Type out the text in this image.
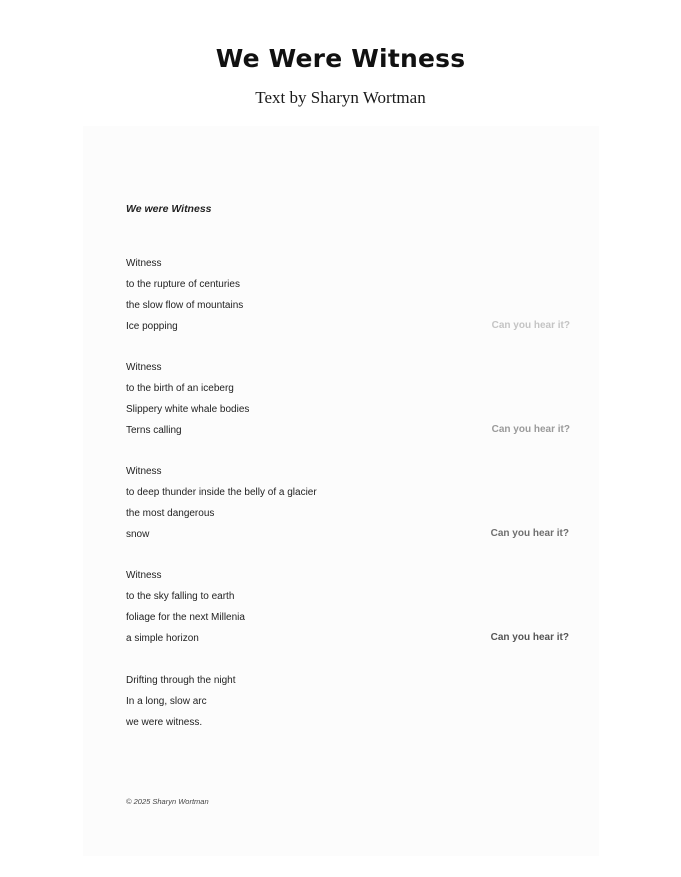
We Were Witness

Text by Sharyn Wortman

We were Witness

Witness
to the rupture of centuries
the slow flow of mountains
Ice popping	Can you hear it?
Witness
to the birth of an iceberg
Slippery white whale bodies
Terns calling	Can you hear it?
Witness
to deep thunder inside the belly of a glacier
the most dangerous
snow	Can you hear it?
Witness
to the sky falling to earth
foliage for the next Millenia
a simple horizon	Can you hear it?
Drifting through the night
In a long, slow arc
we were witness.
© 2025 Sharyn Wortman
